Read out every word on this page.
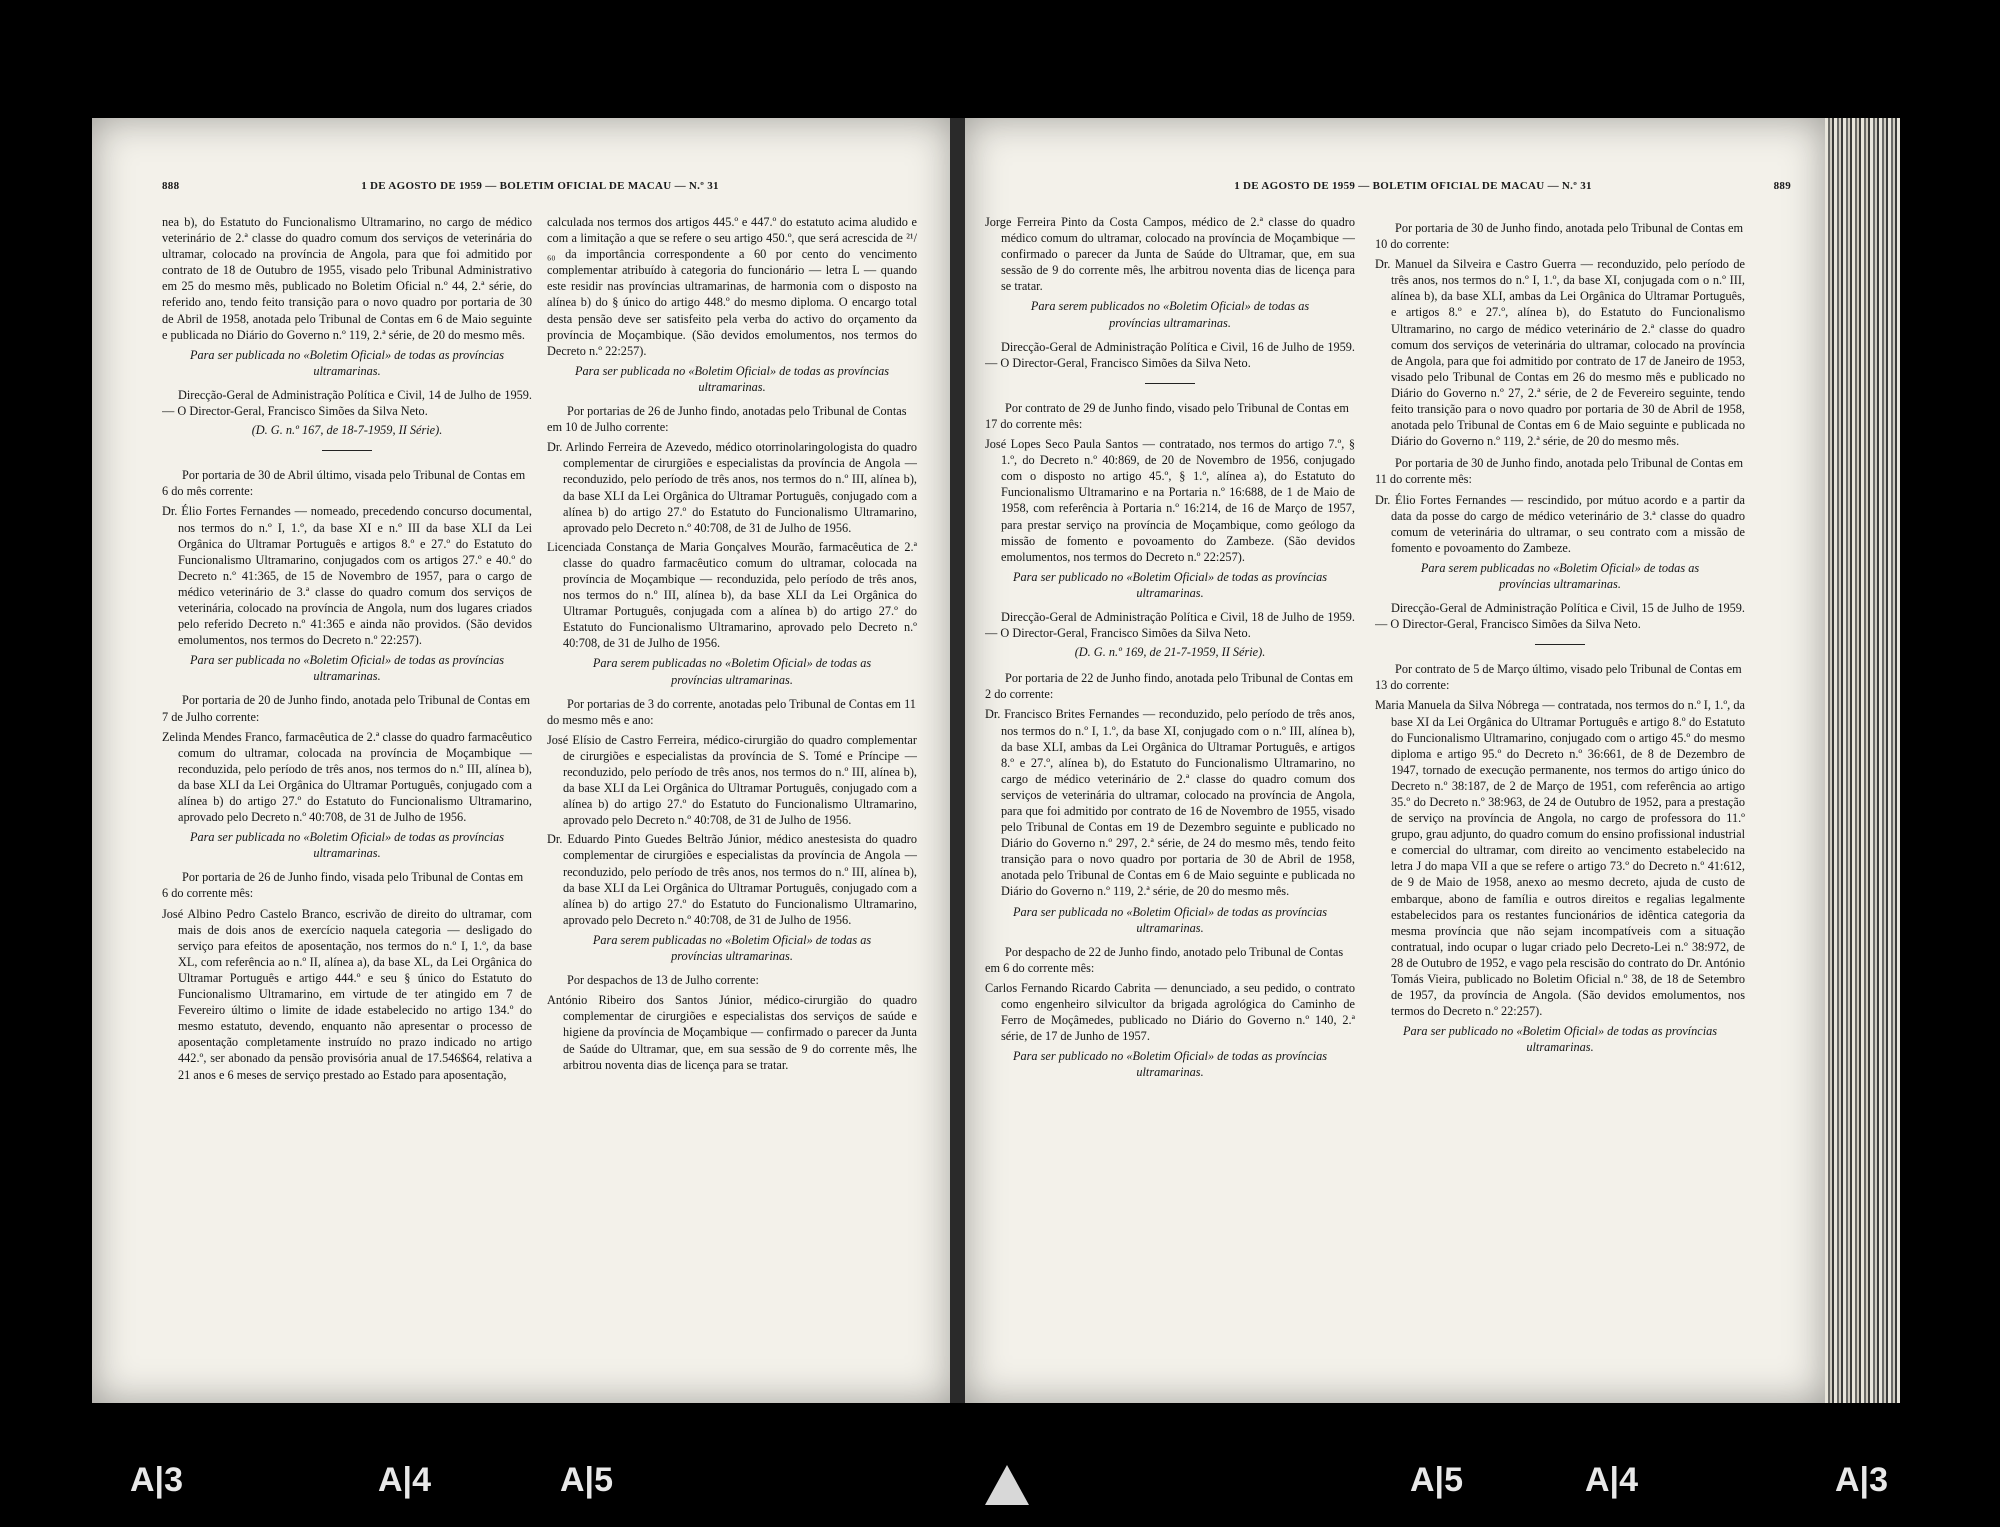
888	1 DE AGOSTO DE 1959 — BOLETIM OFICIAL DE MACAU — N.º 31

nea b), do Estatuto do Funcionalismo Ultramarino, no cargo de médico veterinário de 2.ª classe do quadro comum dos serviços de veterinária do ultramar, colocado na província de Angola, para que foi admitido por contrato de 18 de Outubro de 1955, visado pelo Tribunal Administrativo em 25 do mesmo mês, publicado no Boletim Oficial n.º 44, 2.ª série, do referido ano, tendo feito transição para o novo quadro por portaria de 30 de Abril de 1958, anotada pelo Tribunal de Contas em 6 de Maio seguinte e publicada no Diário do Governo n.º 119, 2.ª série, de 20 do mesmo mês.

Para ser publicada no «Boletim Oficial» de todas as províncias ultramarinas.

Direcção-Geral de Administração Política e Civil, 14 de Julho de 1959. — O Director-Geral, Francisco Simões da Silva Neto.

(D. G. n.º 167, de 18-7-1959, II Série).

Por portaria de 30 de Abril último, visada pelo Tribunal de Contas em 6 do mês corrente:

Dr. Élio Fortes Fernandes — nomeado, precedendo concurso documental, nos termos do n.º I, 1.º, da base XI e n.º III da base XLI da Lei Orgânica do Ultramar Português e artigos 8.º e 27.º do Estatuto do Funcionalismo Ultramarino, conjugados com os artigos 27.º e 40.º do Decreto n.º 41:365, de 15 de Novembro de 1957, para o cargo de médico veterinário de 3.ª classe do quadro comum dos serviços de veterinária, colocado na província de Angola, num dos lugares criados pelo referido Decreto n.º 41:365 e ainda não providos. (São devidos emolumentos, nos termos do Decreto n.º 22:257).

Para ser publicada no «Boletim Oficial» de todas as províncias ultramarinas.

Por portaria de 20 de Junho findo, anotada pelo Tribunal de Contas em 7 de Julho corrente:

Zelinda Mendes Franco, farmacêutica de 2.ª classe do quadro farmacêutico comum do ultramar, colocada na província de Moçambique — reconduzida, pelo período de três anos, nos termos do n.º III, alínea b), da base XLI da Lei Orgânica do Ultramar Português, conjugado com a alínea b) do artigo 27.º do Estatuto do Funcionalismo Ultramarino, aprovado pelo Decreto n.º 40:708, de 31 de Julho de 1956.

Para ser publicada no «Boletim Oficial» de todas as províncias ultramarinas.

Por portaria de 26 de Junho findo, visada pelo Tribunal de Contas em 6 do corrente mês:

José Albino Pedro Castelo Branco, escrivão de direito do ultramar, com mais de dois anos de exercício naquela categoria — desligado do serviço para efeitos de aposentação, nos termos do n.º I, 1.º, da base XL, com referência ao n.º II, alínea a), da base XL, da Lei Orgânica do Ultramar Português e artigo 444.º e seu § único do Estatuto do Funcionalismo Ultramarino, em virtude de ter atingido em 7 de Fevereiro último o limite de idade estabelecido no artigo 134.º do mesmo estatuto, devendo, enquanto não apresentar o processo de aposentação completamente instruído no prazo indicado no artigo 442.º, ser abonado da pensão provisória anual de 17.546$64, relativa a 21 anos e 6 meses de serviço prestado ao Estado para aposentação,

calculada nos termos dos artigos 445.º e 447.º do estatuto acima aludido e com a limitação a que se refere o seu artigo 450.º, que será acrescida de ²¹/₆₀ da importância correspondente a 60 por cento do vencimento complementar atribuído à categoria do funcionário — letra L — quando este residir nas províncias ultramarinas, de harmonia com o disposto na alínea b) do § único do artigo 448.º do mesmo diploma. O encargo total desta pensão deve ser satisfeito pela verba do activo do orçamento da província de Moçambique. (São devidos emolumentos, nos termos do Decreto n.º 22:257).

Para ser publicada no «Boletim Oficial» de todas as províncias ultramarinas.

Por portarias de 26 de Junho findo, anotadas pelo Tribunal de Contas em 10 de Julho corrente:

Dr. Arlindo Ferreira de Azevedo, médico otorrinolaringologista do quadro complementar de cirurgiões e especialistas da província de Angola — reconduzido, pelo período de três anos, nos termos do n.º III, alínea b), da base XLI da Lei Orgânica do Ultramar Português, conjugado com a alínea b) do artigo 27.º do Estatuto do Funcionalismo Ultramarino, aprovado pelo Decreto n.º 40:708, de 31 de Julho de 1956.

Licenciada Constança de Maria Gonçalves Mourão, farmacêutica de 2.ª classe do quadro farmacêutico comum do ultramar, colocada na província de Moçambique — reconduzida, pelo período de três anos, nos termos do n.º III, alínea b), da base XLI da Lei Orgânica do Ultramar Português, conjugada com a alínea b) do artigo 27.º do Estatuto do Funcionalismo Ultramarino, aprovado pelo Decreto n.º 40:708, de 31 de Julho de 1956.

Para serem publicadas no «Boletim Oficial» de todas as províncias ultramarinas.

Por portarias de 3 do corrente, anotadas pelo Tribunal de Contas em 11 do mesmo mês e ano:

José Elísio de Castro Ferreira, médico-cirurgião do quadro complementar de cirurgiões e especialistas da província de S. Tomé e Príncipe — reconduzido, pelo período de três anos, nos termos do n.º III, alínea b), da base XLI da Lei Orgânica do Ultramar Português, conjugado com a alínea b) do artigo 27.º do Estatuto do Funcionalismo Ultramarino, aprovado pelo Decreto n.º 40:708, de 31 de Julho de 1956.

Dr. Eduardo Pinto Guedes Beltrão Júnior, médico anestesista do quadro complementar de cirurgiões e especialistas da província de Angola — reconduzido, pelo período de três anos, nos termos do n.º III, alínea b), da base XLI da Lei Orgânica do Ultramar Português, conjugado com a alínea b) do artigo 27.º do Estatuto do Funcionalismo Ultramarino, aprovado pelo Decreto n.º 40:708, de 31 de Julho de 1956.

Para serem publicadas no «Boletim Oficial» de todas as províncias ultramarinas.

Por despachos de 13 de Julho corrente:

António Ribeiro dos Santos Júnior, médico-cirurgião do quadro complementar de cirurgiões e especialistas dos serviços de saúde e higiene da província de Moçambique — confirmado o parecer da Junta de Saúde do Ultramar, que, em sua sessão de 9 do corrente mês, lhe arbitrou noventa dias de licença para se tratar.

1 DE AGOSTO DE 1959 — BOLETIM OFICIAL DE MACAU — N.º 31	889

Jorge Ferreira Pinto da Costa Campos, médico de 2.ª classe do quadro médico comum do ultramar, colocado na província de Moçambique — confirmado o parecer da Junta de Saúde do Ultramar, que, em sua sessão de 9 do corrente mês, lhe arbitrou noventa dias de licença para se tratar.

Para serem publicados no «Boletim Oficial» de todas as províncias ultramarinas.

Direcção-Geral de Administração Política e Civil, 16 de Julho de 1959. — O Director-Geral, Francisco Simões da Silva Neto.

Por contrato de 29 de Junho findo, visado pelo Tribunal de Contas em 17 do corrente mês:

José Lopes Seco Paula Santos — contratado, nos termos do artigo 7.º, § 1.º, do Decreto n.º 40:869, de 20 de Novembro de 1956, conjugado com o disposto no artigo 45.º, § 1.º, alínea a), do Estatuto do Funcionalismo Ultramarino e na Portaria n.º 16:688, de 1 de Maio de 1958, com referência à Portaria n.º 16:214, de 16 de Março de 1957, para prestar serviço na província de Moçambique, como geólogo da missão de fomento e povoamento do Zambeze. (São devidos emolumentos, nos termos do Decreto n.º 22:257).

Para ser publicado no «Boletim Oficial» de todas as províncias ultramarinas.

Direcção-Geral de Administração Política e Civil, 18 de Julho de 1959. — O Director-Geral, Francisco Simões da Silva Neto.

(D. G. n.º 169, de 21-7-1959, II Série).

Por portaria de 22 de Junho findo, anotada pelo Tribunal de Contas em 2 do corrente:

Dr. Francisco Brites Fernandes — reconduzido, pelo período de três anos, nos termos do n.º I, 1.º, da base XI, conjugado com o n.º III, alínea b), da base XLI, ambas da Lei Orgânica do Ultramar Português, e artigos 8.º e 27.º, alínea b), do Estatuto do Funcionalismo Ultramarino, no cargo de médico veterinário de 2.ª classe do quadro comum dos serviços de veterinária do ultramar, colocado na província de Angola, para que foi admitido por contrato de 16 de Novembro de 1955, visado pelo Tribunal de Contas em 19 de Dezembro seguinte e publicado no Diário do Governo n.º 297, 2.ª série, de 24 do mesmo mês, tendo feito transição para o novo quadro por portaria de 30 de Abril de 1958, anotada pelo Tribunal de Contas em 6 de Maio seguinte e publicada no Diário do Governo n.º 119, 2.ª série, de 20 do mesmo mês.

Para ser publicada no «Boletim Oficial» de todas as províncias ultramarinas.

Por despacho de 22 de Junho findo, anotado pelo Tribunal de Contas em 6 do corrente mês:

Carlos Fernando Ricardo Cabrita — denunciado, a seu pedido, o contrato como engenheiro silvicultor da brigada agrológica do Caminho de Ferro de Moçâmedes, publicado no Diário do Governo n.º 140, 2.ª série, de 17 de Junho de 1957.

Para ser publicado no «Boletim Oficial» de todas as províncias ultramarinas.

Por portaria de 30 de Junho findo, anotada pelo Tribunal de Contas em 10 do corrente:

Dr. Manuel da Silveira e Castro Guerra — reconduzido, pelo período de três anos, nos termos do n.º I, 1.º, da base XI, conjugada com o n.º III, alínea b), da base XLI, ambas da Lei Orgânica do Ultramar Português, e artigos 8.º e 27.º, alínea b), do Estatuto do Funcionalismo Ultramarino, no cargo de médico veterinário de 2.ª classe do quadro comum dos serviços de veterinária do ultramar, colocado na província de Angola, para que foi admitido por contrato de 17 de Janeiro de 1953, visado pelo Tribunal de Contas em 26 do mesmo mês e publicado no Diário do Governo n.º 27, 2.ª série, de 2 de Fevereiro seguinte, tendo feito transição para o novo quadro por portaria de 30 de Abril de 1958, anotada pelo Tribunal de Contas em 6 de Maio seguinte e publicada no Diário do Governo n.º 119, 2.ª série, de 20 do mesmo mês.

Por portaria de 30 de Junho findo, anotada pelo Tribunal de Contas em 11 do corrente mês:

Dr. Élio Fortes Fernandes — rescindido, por mútuo acordo e a partir da data da posse do cargo de médico veterinário de 3.ª classe do quadro comum de veterinária do ultramar, o seu contrato com a missão de fomento e povoamento do Zambeze.

Para serem publicadas no «Boletim Oficial» de todas as províncias ultramarinas.

Direcção-Geral de Administração Política e Civil, 15 de Julho de 1959. — O Director-Geral, Francisco Simões da Silva Neto.

Por contrato de 5 de Março último, visado pelo Tribunal de Contas em 13 do corrente:

Maria Manuela da Silva Nóbrega — contratada, nos termos do n.º I, 1.º, da base XI da Lei Orgânica do Ultramar Português e artigo 8.º do Estatuto do Funcionalismo Ultramarino, conjugado com o artigo 45.º do mesmo diploma e artigo 95.º do Decreto n.º 36:661, de 8 de Dezembro de 1947, tornado de execução permanente, nos termos do artigo único do Decreto n.º 38:187, de 2 de Março de 1951, com referência ao artigo 35.º do Decreto n.º 38:963, de 24 de Outubro de 1952, para a prestação de serviço na província de Angola, no cargo de professora do 11.º grupo, grau adjunto, do quadro comum do ensino profissional industrial e comercial do ultramar, com direito ao vencimento estabelecido na letra J do mapa VII a que se refere o artigo 73.º do Decreto n.º 41:612, de 9 de Maio de 1958, anexo ao mesmo decreto, ajuda de custo de embarque, abono de família e outros direitos e regalias legalmente estabelecidos para os restantes funcionários de idêntica categoria da mesma província que não sejam incompatíveis com a situação contratual, indo ocupar o lugar criado pelo Decreto-Lei n.º 38:972, de 28 de Outubro de 1952, e vago pela rescisão do contrato do Dr. António Tomás Vieira, publicado no Boletim Oficial n.º 38, de 18 de Setembro de 1957, da província de Angola. (São devidos emolumentos, nos termos do Decreto n.º 22:257).

Para ser publicado no «Boletim Oficial» de todas as províncias ultramarinas.

A|3	A|4	A|5	A|5	A|4	A|3
